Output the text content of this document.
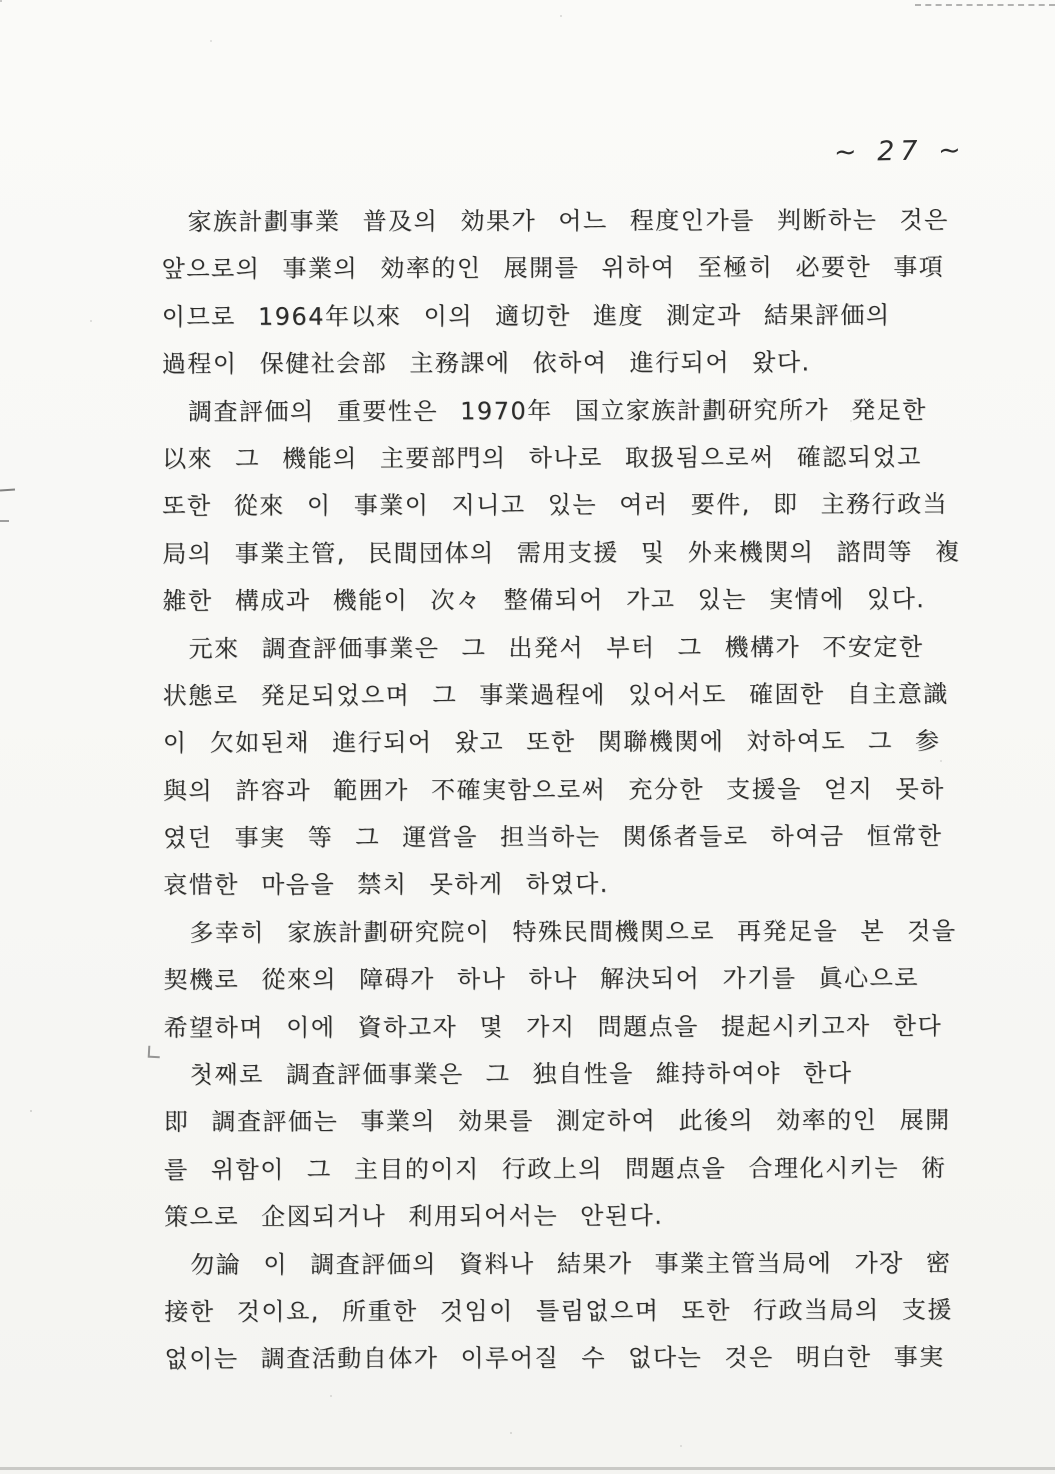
~ 27 ~
家族計劃事業 普及의 効果가 어느 程度인가를 判断하는 것은
앞으로의 事業의 効率的인 展開를 위하여 至極히 必要한 事項
이므로 1964年以來 이의 適切한 進度 測定과 結果評価의
過程이 保健社会部 主務課에 依하여 進行되어 왔다.
調査評価의 重要性은 1970年 国立家族計劃研究所가 発足한
以來 그 機能의 主要部門의 하나로 取扱됨으로써 確認되었고
또한 從來 이 事業이 지니고 있는 여러 要件, 即 主務行政当
局의 事業主管, 民間団体의 需用支援 및 外来機関의 諮問等 複
雑한 構成과 機能이 次々 整備되어 가고 있는 実情에 있다.
元來 調査評価事業은 그 出発서 부터 그 機構가 不安定한
状態로 発足되었으며 그 事業過程에 있어서도 確固한 自主意識
이 欠如된채 進行되어 왔고 또한 関聯機関에 対하여도 그 参
與의 許容과 範囲가 不確実함으로써 充分한 支援을 얻지 못하
였던 事実 等 그 運営을 担当하는 関係者들로 하여금 恒常한
哀惜한 마음을 禁치 못하게 하였다.
多幸히 家族計劃研究院이 特殊民間機関으로 再発足을 본 것을
契機로 從來의 障碍가 하나 하나 解決되어 가기를 眞心으로
希望하며 이에 資하고자 몇 가지 問題点을 提起시키고자 한다
첫째로 調査評価事業은 그 独自性을 維持하여야 한다
即 調査評価는 事業의 効果를 測定하여 此後의 効率的인 展開
를 위함이 그 主目的이지 行政上의 問題点을 合理化시키는 術
策으로 企図되거나 利用되어서는 안된다.
勿論 이 調査評価의 資料나 結果가 事業主管当局에 가장 密
接한 것이요, 所重한 것임이 틀림없으며 또한 行政当局의 支援
없이는 調査活動自体가 이루어질 수 없다는 것은 明白한 事実
